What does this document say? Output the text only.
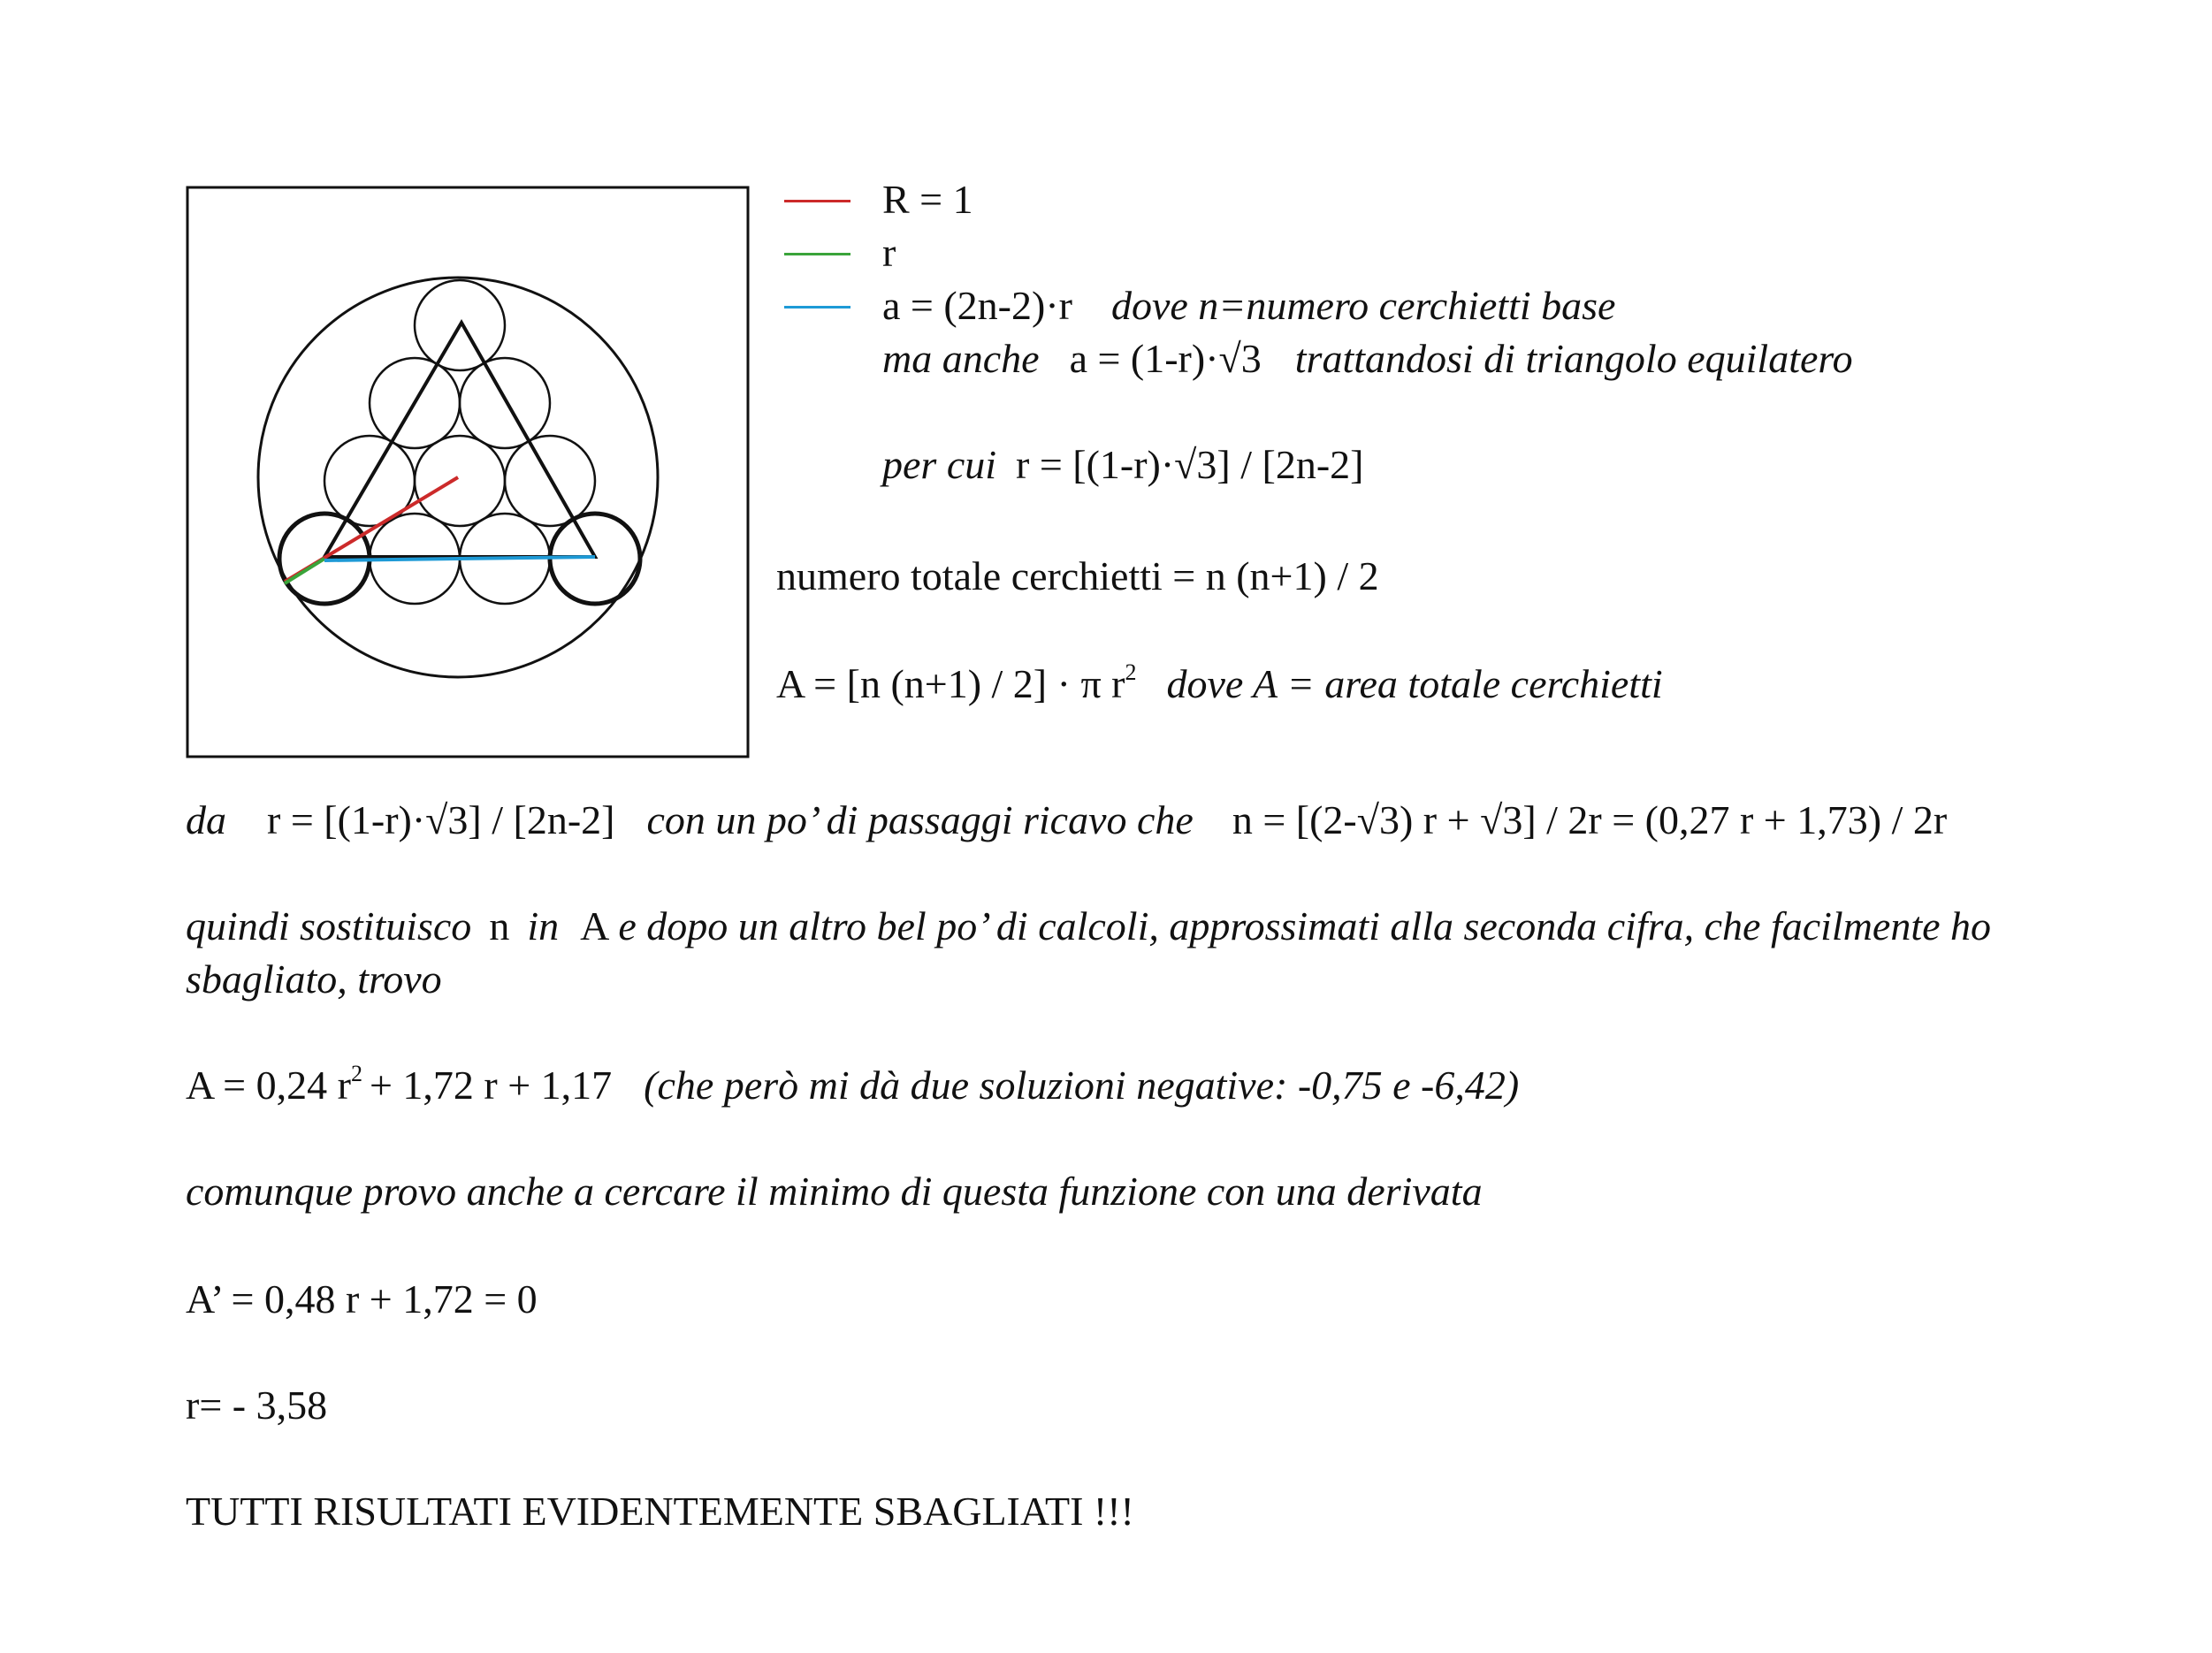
R = 1
r
a = (2n-2)·r dove n=numero cerchietti base
ma anche a = (1-r)·√3 trattandosi di triangolo equilatero
per cui r = [(1-r)·√3] / [2n-2]
numero totale cerchietti = n (n+1) / 2
A = [n (n+1) / 2] · π $r^2$ dove A = area totale cerchietti
da r = [(1-r)·√3] / [2n-2] con un po’ di passaggi ricavo che n = [(2-√3) r + √3] / 2r = (0,27 r + 1,73) / 2r
quindi sostituisco n in A e dopo un altro bel po’ di calcoli, approssimati alla seconda cifra, che facilmente ho
sbagliato, trovo
A = 0,24 $r^2 + 1,72$ r + 1,17 (che però mi dà due soluzioni negative: -0,75 e -6,42)
comunque provo anche a cercare il minimo di questa funzione con una derivata
A’ = 0,48 r + 1,72 = 0
r= - 3,58
TUTTI RISULTATI EVIDENTEMENTE SBAGLIATI !!!
